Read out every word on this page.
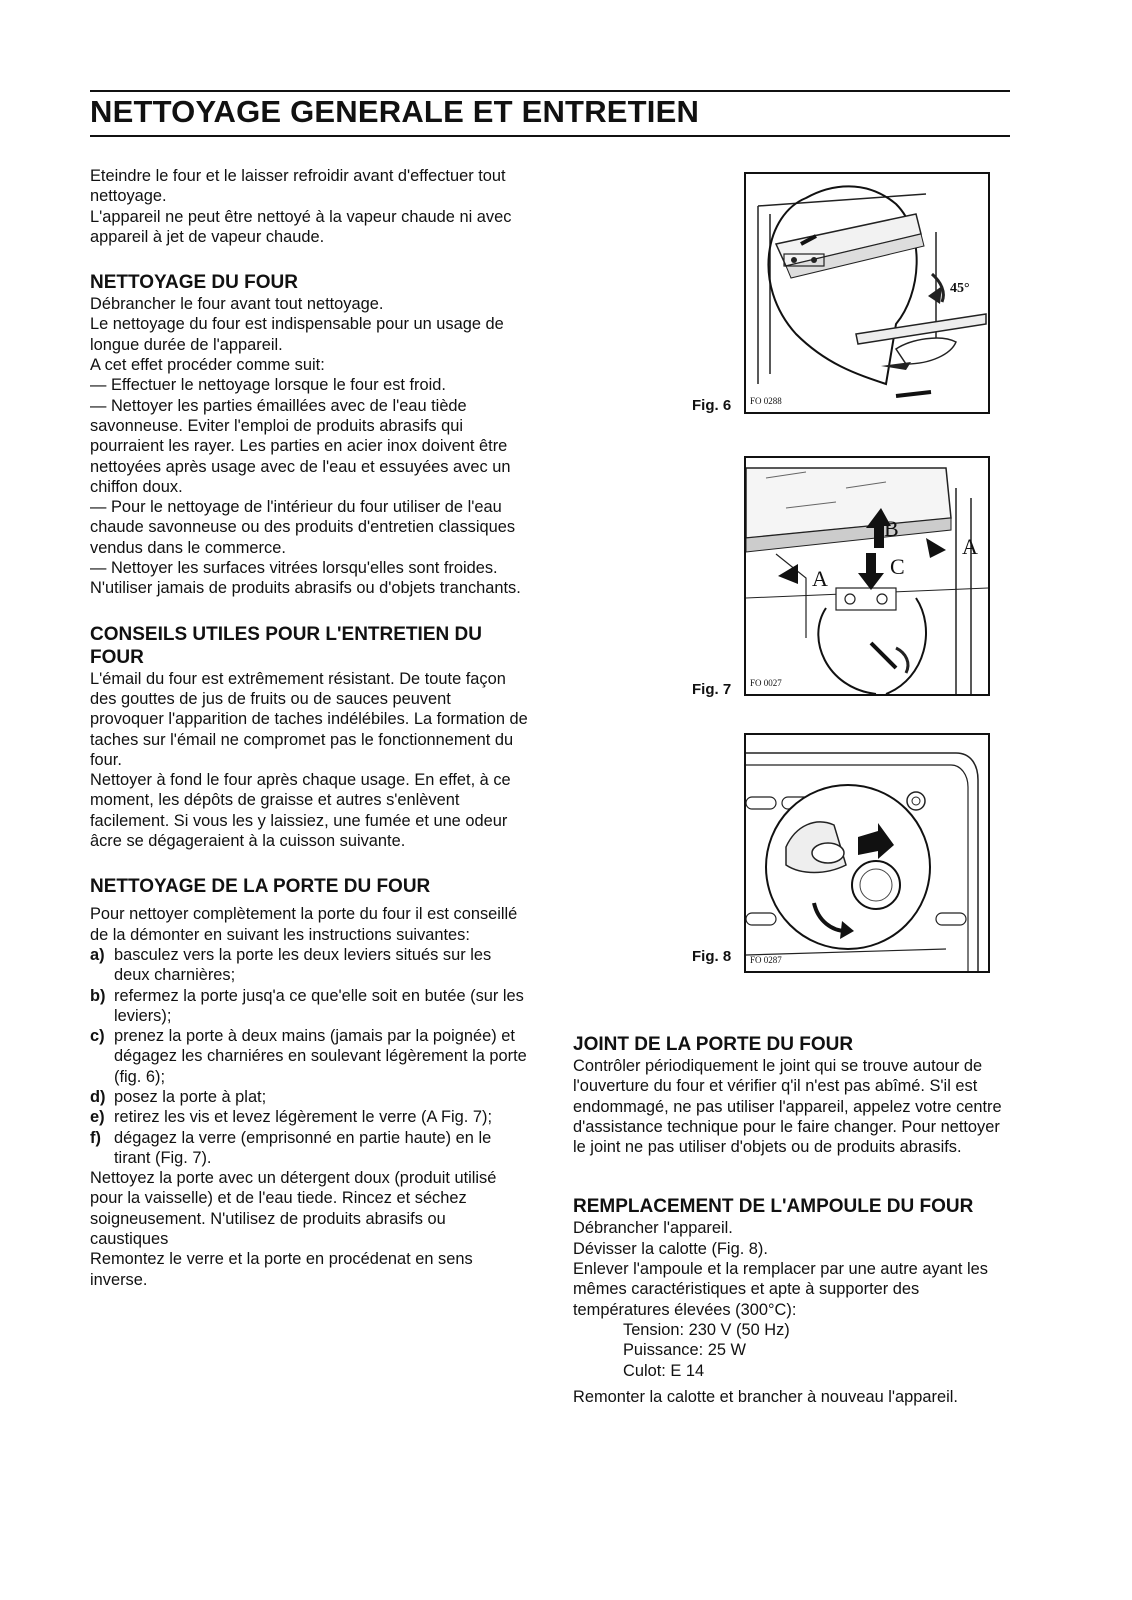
NETTOYAGE GENERALE ET ENTRETIEN

Eteindre le four et le laisser refroidir avant d'effectuer tout nettoyage.

L'appareil ne peut être nettoyé à la vapeur chaude ni avec appareil à jet de vapeur chaude.

NETTOYAGE DU FOUR

Débrancher le four avant tout nettoyage.

Le nettoyage du four est indispensable pour un usage de longue durée de l'appareil.

A cet effet procéder comme suit:

— Effectuer le nettoyage lorsque le four est froid.

— Nettoyer les parties émaillées avec de l'eau tiède savonneuse. Eviter l'emploi de produits abrasifs qui pourraient les rayer. Les parties en acier inox doivent être nettoyées après usage avec de l'eau et essuyées avec un chiffon doux.

— Pour le nettoyage de l'intérieur du four utiliser de l'eau chaude savonneuse ou des produits d'entretien classiques vendus dans le commerce.

— Nettoyer les surfaces vitrées lorsqu'elles sont froides. N'utiliser jamais de produits abrasifs ou d'objets tranchants.

CONSEILS UTILES POUR L'ENTRETIEN DU FOUR

L'émail du four est extrêmement résistant. De toute façon des gouttes de jus de fruits ou de sauces peuvent provoquer l'apparition de taches indélébiles. La formation de taches sur l'émail ne compromet pas le fonctionnement du four.

Nettoyer à fond le four après chaque usage. En effet, à ce moment, les dépôts de graisse et autres s'enlèvent facilement. Si vous les y laissiez, une fumée et une odeur âcre se dégageraient à la cuisson suivante.

NETTOYAGE DE LA PORTE DU FOUR

Pour nettoyer complètement la porte du four il est conseillé de la démonter en suivant les instructions suivantes:

a) basculez vers la porte les deux leviers situés sur les deux charnières;
b) refermez la porte jusq'a ce que'elle soit en butée (sur les leviers);
c) prenez la porte à deux mains (jamais par la poignée) et dégagez les charniéres en soulevant légèrement la porte (fig. 6);
d) posez la porte à plat;
e) retirez les vis et levez légèrement le verre (A Fig. 7);
f) dégagez la verre (emprisonné en partie haute) en le tirant (Fig. 7).

Nettoyez la porte avec un détergent doux (produit utilisé pour la vaisselle) et de l'eau tiede. Rincez et séchez soigneusement. N'utilisez de produits abrasifs ou caustiques

Remontez le verre et la porte en procédenat en sens inverse.

Fig. 6
45°
FO 0288
Fig. 7
B
A	C
A
FO 0027
Fig. 8 FO 0287
JOINT DE LA PORTE DU FOUR

Contrôler périodiquement le joint qui se trouve autour de l'ouverture du four et vérifier q'il n'est pas abîmé. S'il est endommagé, ne pas utiliser l'appareil, appelez votre centre d'assistance technique pour le faire changer. Pour nettoyer le joint ne pas utiliser d'objets ou de produits abrasifs.

REMPLACEMENT DE L'AMPOULE DU FOUR

Débrancher l'appareil.

Dévisser la calotte (Fig. 8).

Enlever l'ampoule et la remplacer par une autre ayant les mêmes caractéristiques et apte à supporter des températures élevées (300°C):

Tension: 230 V (50 Hz)

Puissance: 25 W

Culot: E 14

Remonter la calotte et brancher à nouveau l'appareil.
